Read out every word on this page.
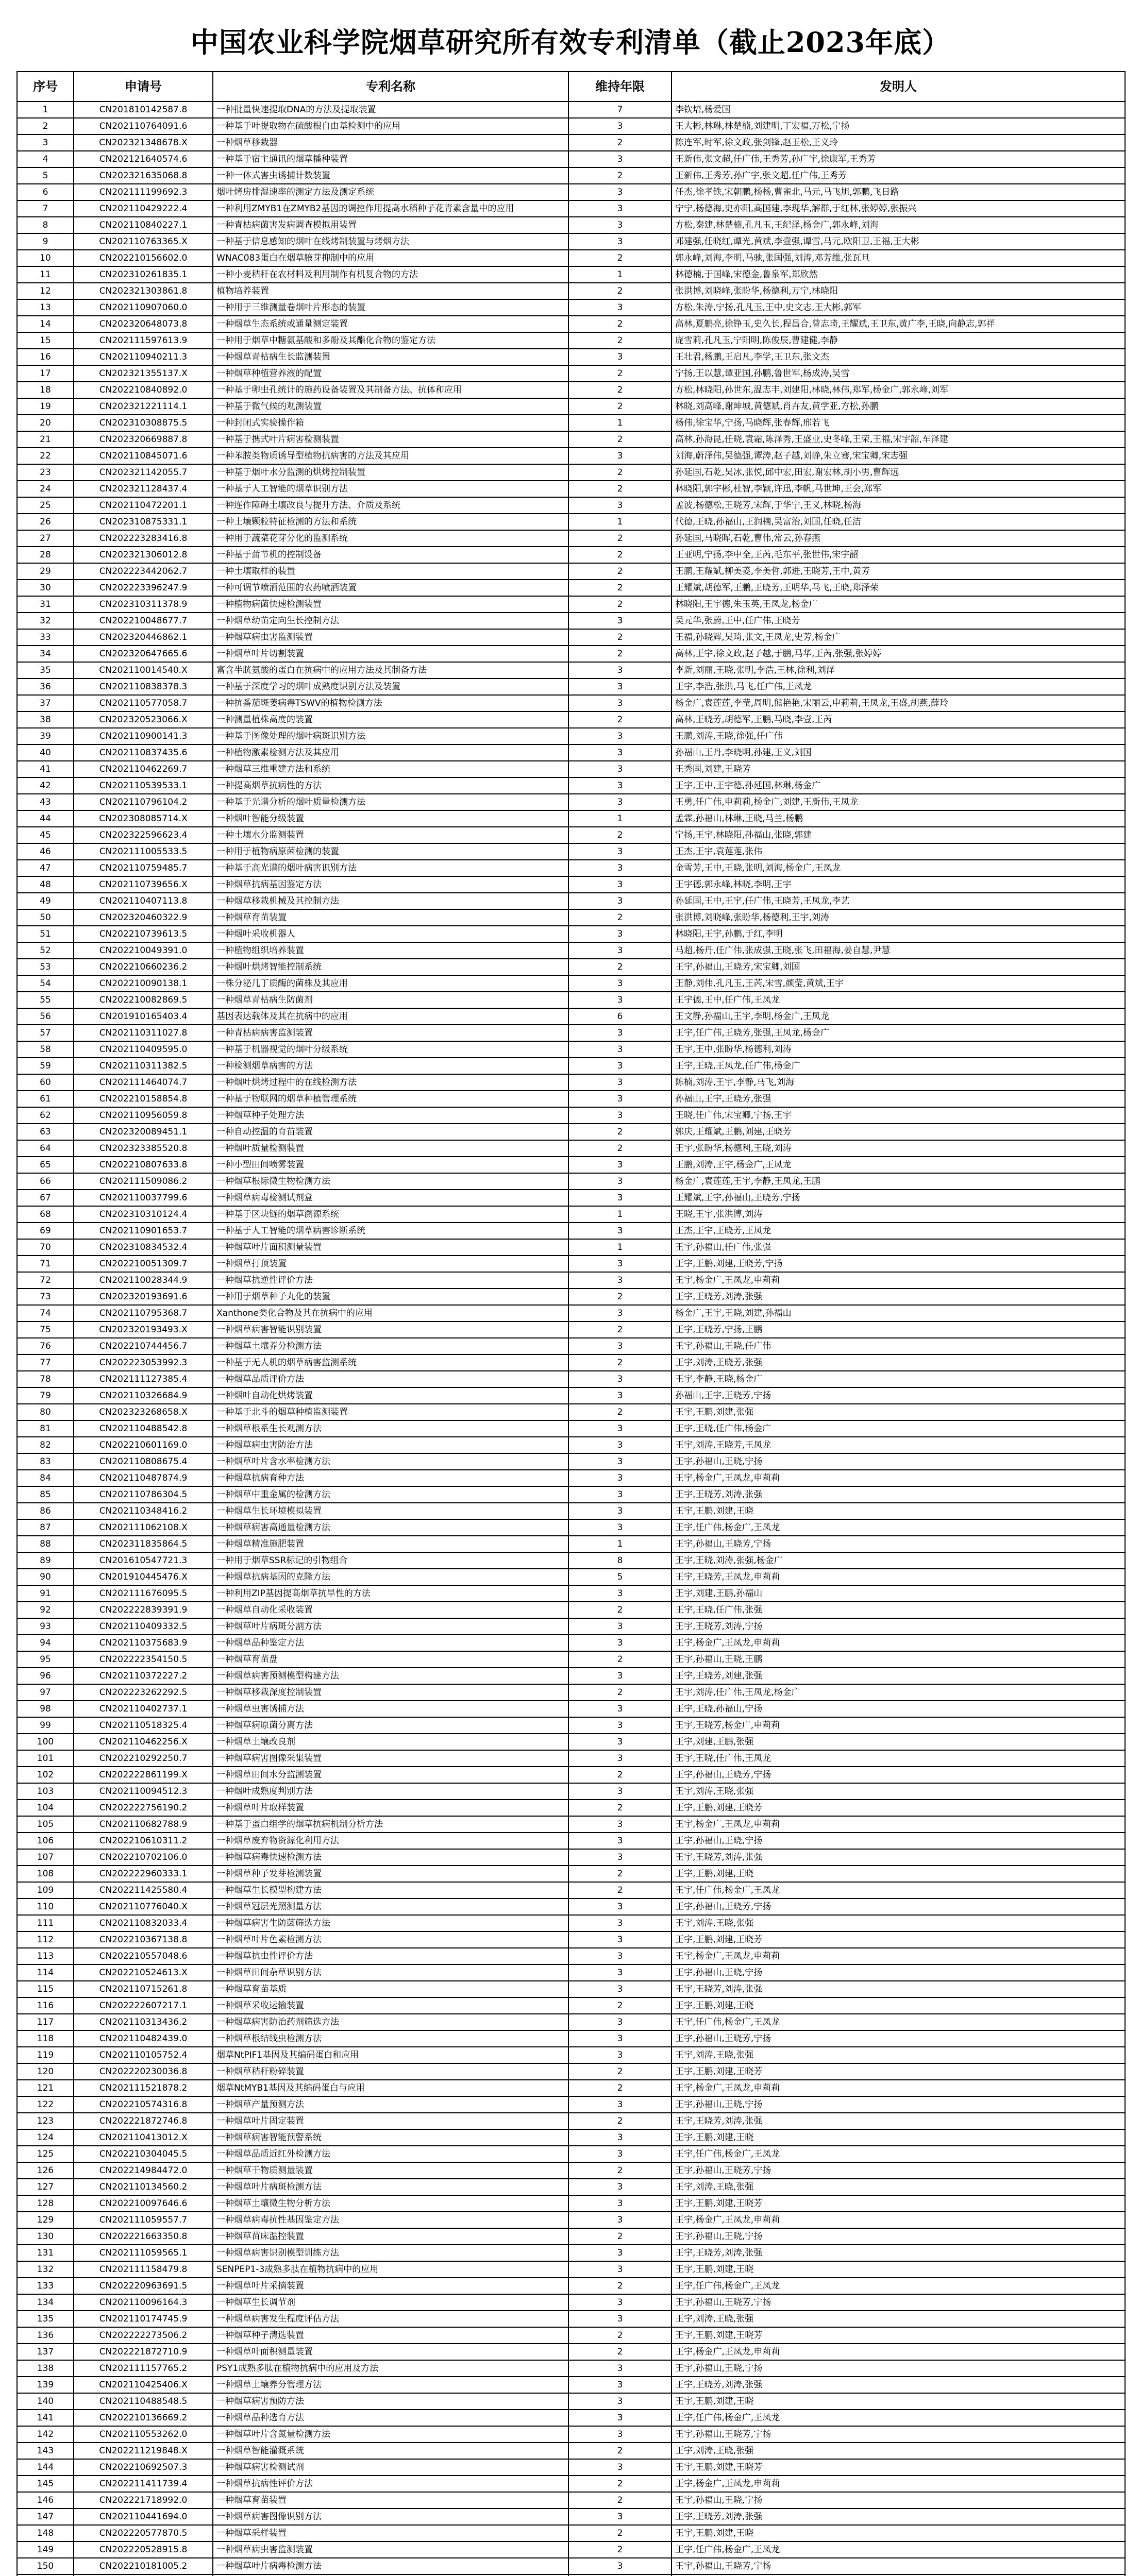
中国农业科学院烟草研究所有效专利清单（截止2023年底）
序号	申请号	专利名称	维持年限	发明人
1	CN201810142587.8	一种批量快速提取DNA的方法及提取装置	7	李钦培,杨爱国
2	CN202110764091.6	一种基于叶提取物在硫酸根自由基检测中的应用	3	王大彬,林琳,林楚楠,刘建明,丁宏福,万松,宁扬
3	CN202321348678.X	一种烟草移栽器	2	陈连军,时军,徐文政,张剑锋,赵玉松,王义玲
4	CN202121640574.6	一种基于宿主通讯的烟草播种装置	3	王新伟,张文超,任广伟,王秀芳,孙广宇,徐康军,王秀芳
5	CN202321635068.8	一种一体式害虫诱捕计数装置	2	王新伟,王秀芳,孙广宇,张文超,任广伟,王秀芳
6	CN202111199692.3	烟叶烤房排湿速率的测定方法及测定系统	3	任杰,徐孝铁,宋朝鹏,杨杨,曹雀北,马元,马飞旭,郭鹏,飞日路
7	CN202110429222.4	一种利用ZMYB1在ZMYB2基因的调控作用提高水稻种子花青素含量中的应用	3	宁宁,杨德海,史亦阳,高国建,李现华,解群,于红林,张婷婷,张振兴
8	CN202110840227.1	一种青枯病菌害发病调查模拟用装置	3	方松,秦建,林楚楠,孔凡玉,王纪泽,杨金广,郭永峰,刘海
9	CN202110763365.X	一种基于信息感知的烟叶在线烤制装置与烤烟方法	3	邓建强,任晓红,谭光,黄斌,李壹强,谭雪,马元,欧阳卫,王福,王大彬
10	CN202210156602.0	WNAC083蛋白在烟草腋芽抑制中的应用	2	郭永峰,刘海,李明,马驰,张国强,刘涛,邓芳维,张瓦旦
11	CN202310261835.1	一种小麦秸秆在农材料及利用制作有机复合物的方法	1	林德楠,于国峰,宋德金,鲁泉军,郑欣然
12	CN202321303861.8	植物培养装置	2	张洪博,刘晓峰,张盼华,杨德利,万宁,林晓阳
13	CN202110907060.0	一种用于三维测量卷烟叶片形态的装置	3	方松,朱涛,宁扬,孔凡玉,王中,史文志,王大彬,郭军
14	CN202320648073.8	一种烟草生态系统或通量测定装置	2	高林,夏鹏亮,徐铮玉,史久长,程昌合,曾志琦,王耀斌,王卫东,黄广李,王晓,向静志,郭祥
15	CN202111597613.9	一种用于烟草中糖氨基酸和多酚及其酯化合物的鉴定方法	2	庞雪莉,孔凡玉,宁阳明,陈俊辰,曹建健,李静
16	CN202110940211.3	一种烟草青枯病生长监测装置	3	王壮君,杨鹏,王启凡,李学,王卫东,张文杰
17	CN202321355137.X	一种烟草种植营养液的配置	2	宁扬,王以慧,谭亚国,孙鹏,鲁世军,杨成涛,吴雪
18	CN202210840892.0	一种基于卵虫孔统计的施药设备装置及其制备方法、抗体和应用	2	方松,林晓阳,孙世东,温志丰,刘建阳,林晓,林伟,郑军,杨金广,郭永峰,刘军
19	CN202321221114.1	一种基于微气候的观测装置	2	林晓,刘高峰,谢坤城,黄德斌,肖卉友,黄学亚,方松,孙鹏
20	CN202310308875.5	一种封闭式实验操作箱	1	杨伟,徐宝华,宁扬,马晓辉,张春辉,邢若飞
21	CN202320669887.8	一种基于携式叶片病害检测装置	2	高林,孙海昆,任晓,袁霜,陈泽秀,王盛业,史冬峰,王荣,王福,宋宇韶,车泽建
22	CN202110845071.6	一种苯胺类物质诱导型植物抗病害的方法及其应用	3	刘海,蔚泽伟,吴德强,谭涛,赵子越,刘静,朱立骞,宋宝卿,宋志强
23	CN202321142055.7	一种基于烟叶水分监测的烘烤控制装置	2	孙延国,石乾,吴冰,张悦,邱中宏,田宏,谢宏林,胡小男,曹辉远
24	CN202321128437.4	一种基于人工智能的烟草识别方法	2	林晓阳,郭宇彬,杜智,李颖,许迅,李帆,马世坤,王会,郑军
25	CN202110472201.1	一种连作障碍土壤改良与提升方法、介质及系统	3	孟波,杨德松,王晓芳,宋辉,于华宁,王义,林晓,杨海
26	CN202310875331.1	一种土壤颗粒特征检测的方法和系统	1	代德,王晓,孙福山,王润楠,吴富治,刘国,任晓,任洁
27	CN202223283416.8	一种用于蔬菜花芽分化的监测系统	2	孙延国,马晓晖,石乾,曹伟,常云,孙春燕
28	CN202321306012.8	一种基于蒲节机的控制设备	2	王亚明,宁扬,李中全,王芮,毛东平,张世伟,宋宇韶
29	CN202223442062.7	一种土壤取样的装置	2	王鹏,王耀斌,柳美菱,李美哲,郭进,王晓芳,王中,黄芳
30	CN202223396247.9	一种可调节喷洒范围的农药喷洒装置	2	王耀斌,胡德军,王鹏,王晓芳,王明华,马飞,王晓,郑泽荣
31	CN202310311378.9	一种植物病菌快速检测装置	2	林晓阳,王宇德,朱玉英,王凤龙,杨金广
32	CN202210048677.7	一种烟草幼苗定向生长控制方法	3	吴元华,张蔚,王中,任广伟,王晓芳
33	CN202320446862.1	一种烟草病虫害监测装置	2	王福,孙晓辉,吴琦,张文,王凤龙,史芳,杨金广
34	CN202320647665.6	一种烟草叶片切割装置	2	高林,王宇,徐文政,赵子越,于鹏,马华,王芮,张强,张婷婷
35	CN202110014540.X	富含半胱氨酸的蛋白在抗病中的应用方法及其制备方法	3	李新,刘丽,王晓,张明,李浩,王林,徐利,刘泽
36	CN202110838378.3	一种基于深度学习的烟叶成熟度识别方法及装置	3	王宇,李浩,张洪,马飞,任广伟,王凤龙
37	CN202110577058.7	一种抗番茄斑萎病毒TSWV的植物检测方法	3	杨金广,袁莲莲,李莹,周明,熊艳艳,宋丽云,申莉莉,王凤龙,王盛,胡燕,薛玲
38	CN202320523066.X	一种测量植株高度的装置	2	高林,王晓芳,胡德军,王鹏,马晓,李壹,王芮
39	CN202110900141.3	一种基于图像处理的烟叶病斑识别方法	3	王鹏,刘涛,王晓,徐强,任广伟
40	CN202110837435.6	一种植物激素检测方法及其应用	3	孙福山,王丹,李晓明,孙建,王义,刘国
41	CN202110462269.7	一种烟草三维重建方法和系统	3	王秀国,刘建,王晓芳
42	CN202110539533.1	一种提高烟草抗病性的方法	3	王宇,王中,王宇德,孙延国,林琳,杨金广
43	CN202110796104.2	一种基于光谱分析的烟叶质量检测方法	3	王勇,任广伟,申莉莉,杨金广,刘建,王新伟,王凤龙
44	CN202308085714.X	一种烟叶智能分级装置	1	孟霖,孙福山,林琳,王晓,马兰,杨鹏
45	CN202322596623.4	一种土壤水分监测装置	2	宁扬,王宇,林晓阳,孙福山,张晓,郭建
46	CN202111005533.5	一种用于植物病原菌检测的装置	3	王杰,王宇,袁莲莲,张伟
47	CN202110759485.7	一种基于高光谱的烟叶病害识别方法	3	金雪芳,王中,王晓,张明,刘海,杨金广,王凤龙
48	CN202110739656.X	一种烟草抗病基因鉴定方法	3	王宇德,郭永峰,林晓,李明,王宇
49	CN202110407113.8	一种烟草移栽机械及其控制方法	3	孙延国,王中,王宇,任广伟,王晓芳,王凤龙,李艺
50	CN202320460322.9	一种烟草育苗装置	2	张洪博,刘晓峰,张盼华,杨德利,王宇,刘涛
51	CN202210739613.5	一种烟叶采收机器人	3	林晓阳,王宇,孙鹏,于红,李明
52	CN202210049391.0	一种植物组织培养装置	3	马超,杨丹,任广伟,张成强,王晓,张飞,田福海,姜自慧,尹慧
53	CN202210660236.2	一种烟叶烘烤智能控制系统	2	王宇,孙福山,王晓芳,宋宝卿,刘国
54	CN202210090138.1	一株分泌几丁质酶的菌株及其应用	3	王静,刘伟,孔凡玉,王芮,宋雪,颜莹,黄斌,王宇
55	CN202210082869.5	一种烟草青枯病生防菌剂	3	王宇德,王中,任广伟,王凤龙
56	CN201910165403.4	基因表达载体及其在抗病中的应用	6	王文静,孙福山,王宇,李明,杨金广,王凤龙
57	CN202110311027.8	一种青枯病病害监测装置	3	王宇,任广伟,王晓芳,张强,王凤龙,杨金广
58	CN202110409595.0	一种基于机器视觉的烟叶分级系统	3	王宇,王中,张盼华,杨德利,刘涛
59	CN202110311382.5	一种检测烟草病害的方法	3	王宇,王晓,王凤龙,任广伟,杨金广
60	CN202111464074.7	一种烟叶烘烤过程中的在线检测方法	3	陈楠,刘涛,王宇,李静,马飞,刘海
61	CN202210158854.8	一种基于物联网的烟草种植管理系统	3	孙福山,王宇,王晓芳,张强
62	CN202110956059.8	一种烟草种子处理方法	3	王晓,任广伟,宋宝卿,宁扬,王宇
63	CN202320089451.1	一种自动控温的育苗装置	2	郭庆,王耀斌,王鹏,刘建,王晓芳
64	CN202323385520.8	一种烟叶质量检测装置	2	王宇,张盼华,杨德利,王晓,刘涛
65	CN202210807633.8	一种小型田间喷雾装置	3	王鹏,刘涛,王宇,杨金广,王凤龙
66	CN202111509086.2	一种烟草根际微生物检测方法	3	杨金广,袁莲莲,王宇,李静,王凤龙,王鹏
67	CN202110037799.6	一种烟草病毒检测试剂盒	3	王耀斌,王宇,孙福山,王晓芳,宁扬
68	CN202310310124.4	一种基于区块链的烟草溯源系统	1	王晓,王宇,张洪博,刘涛
69	CN202110901653.7	一种基于人工智能的烟草病害诊断系统	3	王杰,王宇,王晓芳,王凤龙
70	CN202310834532.4	一种烟草叶片面积测量装置	1	王宇,孙福山,任广伟,张强
71	CN202210051309.7	一种烟草打顶装置	3	王宇,王鹏,刘建,王晓芳,宁扬
72	CN202110028344.9	一种烟草抗逆性评价方法	3	王宇,杨金广,王凤龙,申莉莉
73	CN202320193691.6	一种用于烟草种子丸化的装置	2	王宇,王晓芳,刘涛,张强
74	CN202110795368.7	Xanthone类化合物及其在抗病中的应用	3	杨金广,王宇,王晓,刘建,孙福山
75	CN202320193493.X	一种烟草病害智能识别装置	2	王宇,王晓芳,宁扬,王鹏
76	CN202210744456.7	一种烟草土壤养分检测方法	3	王宇,孙福山,王晓,任广伟
77	CN202223053992.3	一种基于无人机的烟草病害监测系统	2	王宇,刘涛,王晓芳,张强
78	CN202111127385.4	一种烟草品质评价方法	3	王宇,李静,王晓,杨金广
79	CN202110326684.9	一种烟叶自动化烘烤装置	3	孙福山,王宇,王晓芳,宁扬
80	CN202323268658.X	一种基于北斗的烟草种植监测装置	2	王宇,王鹏,刘建,张强
81	CN202110488542.8	一种烟草根系生长观测方法	3	王宇,王晓,任广伟,杨金广
82	CN202210601169.0	一种烟草病虫害防治方法	3	王宇,刘涛,王晓芳,王凤龙
83	CN202110808675.4	一种烟草叶片含水率检测方法	3	王宇,孙福山,王晓,宁扬
84	CN202110487874.9	一种烟草抗病育种方法	3	王宇,杨金广,王凤龙,申莉莉
85	CN202110786304.5	一种烟草中重金属的检测方法	3	王宇,王晓芳,刘涛,张强
86	CN202110348416.2	一种烟草生长环境模拟装置	3	王宇,王鹏,刘建,王晓
87	CN202111062108.X	一种烟草病害高通量检测方法	3	王宇,任广伟,杨金广,王凤龙
88	CN202311835864.5	一种烟草精准施肥装置	1	王宇,孙福山,王晓芳,宁扬
89	CN201610547721.3	一种用于烟草SSR标记的引物组合	8	王宇,王晓,刘涛,张强,杨金广
90	CN201910445476.X	一种烟草抗病基因的克隆方法	5	王宇,王晓芳,王凤龙,申莉莉
91	CN202111676095.5	一种利用ZIP基因提高烟草抗旱性的方法	3	王宇,刘建,王鹏,孙福山
92	CN202222839391.9	一种烟草自动化采收装置	2	王宇,王晓,任广伟,张强
93	CN202110409332.5	一种烟草叶片病斑分割方法	3	王宇,王晓芳,刘涛,宁扬
94	CN202110375683.9	一种烟草品种鉴定方法	3	王宇,杨金广,王凤龙,申莉莉
95	CN202222354150.5	一种烟草育苗盘	2	王宇,孙福山,王晓,王鹏
96	CN202110372227.2	一种烟草病害预测模型构建方法	3	王宇,王晓芳,刘建,张强
97	CN202223262292.5	一种烟草移栽深度控制装置	2	王宇,刘涛,任广伟,王凤龙,杨金广
98	CN202110402737.1	一种烟草虫害诱捕方法	3	王宇,王晓,孙福山,宁扬
99	CN202110518325.4	一种烟草病原菌分离方法	3	王宇,王晓芳,杨金广,申莉莉
100	CN202110462256.X	一种烟草土壤改良剂	3	王宇,刘建,王鹏,张强
101	CN202210292250.7	一种烟草病害图像采集装置	3	王宇,王晓,任广伟,王凤龙
102	CN202222861199.X	一种烟草田间水分监测装置	2	王宇,孙福山,王晓芳,宁扬
103	CN202110094512.3	一种烟叶成熟度判别方法	3	王宇,刘涛,王晓,张强
104	CN202222756190.2	一种烟草叶片取样装置	2	王宇,王鹏,刘建,王晓芳
105	CN202110682788.9	一种基于蛋白组学的烟草抗病机制分析方法	3	王宇,杨金广,王凤龙,申莉莉
106	CN202210610311.2	一种烟草废弃物资源化利用方法	3	王宇,孙福山,王晓,宁扬
107	CN202210702106.0	一种烟草病毒快速检测方法	3	王宇,王晓芳,刘涛,张强
108	CN202222960333.1	一种烟草种子发芽检测装置	2	王宇,王鹏,刘建,王晓
109	CN202211425580.4	一种烟草生长模型构建方法	2	王宇,任广伟,杨金广,王凤龙
110	CN202110776040.X	一种烟草冠层光照测量方法	3	王宇,孙福山,王晓芳,宁扬
111	CN202110832033.4	一种烟草病害生防菌筛选方法	3	王宇,刘涛,王晓,张强
112	CN202210367138.8	一种烟草叶片色素检测方法	3	王宇,王鹏,刘建,王晓芳
113	CN202210557048.6	一种烟草抗虫性评价方法	3	王宇,杨金广,王凤龙,申莉莉
114	CN202210524613.X	一种烟草田间杂草识别方法	3	王宇,孙福山,王晓,宁扬
115	CN202110715261.8	一种烟草育苗基质	3	王宇,王晓芳,刘涛,张强
116	CN202222607217.1	一种烟草采收运输装置	2	王宇,王鹏,刘建,王晓
117	CN202110313436.2	一种烟草病害防治药剂筛选方法	3	王宇,任广伟,杨金广,王凤龙
118	CN202110482439.0	一种烟草根结线虫检测方法	3	王宇,孙福山,王晓芳,宁扬
119	CN202110105752.4	烟草NtPIF1基因及其编码蛋白和应用	3	王宇,刘涛,王晓,张强
120	CN202220230036.8	一种烟草秸秆粉碎装置	2	王宇,王鹏,刘建,王晓芳
121	CN202111521878.2	烟草NtMYB1基因及其编码蛋白与应用	2	王宇,杨金广,王凤龙,申莉莉
122	CN202210574316.8	一种烟草产量预测方法	3	王宇,孙福山,王晓,宁扬
123	CN202221872746.8	一种烟草叶片固定装置	2	王宇,王晓芳,刘涛,张强
124	CN202110413012.X	一种烟草病害智能预警系统	3	王宇,王鹏,刘建,王晓
125	CN202210304045.5	一种烟草品质近红外检测方法	3	王宇,任广伟,杨金广,王凤龙
126	CN202214984472.0	一种烟草干物质测量装置	2	王宇,孙福山,王晓芳,宁扬
127	CN202110134560.2	一种烟草叶片病斑检测方法	3	王宇,刘涛,王晓,张强
128	CN202210097646.6	一种烟草土壤微生物分析方法	3	王宇,王鹏,刘建,王晓芳
129	CN202111059557.7	一种烟草病毒抗性基因鉴定方法	3	王宇,杨金广,王凤龙,申莉莉
130	CN202221663350.8	一种烟草苗床温控装置	2	王宇,孙福山,王晓,宁扬
131	CN202111059565.1	一种烟草病害识别模型训练方法	3	王宇,王晓芳,刘涛,张强
132	CN202111158479.8	SENPEP1-3成熟多肽在植物抗病中的应用	3	王宇,王鹏,刘建,王晓
133	CN202220963691.5	一种烟草叶片采摘装置	2	王宇,任广伟,杨金广,王凤龙
134	CN202110096164.3	一种烟草生长调节剂	3	王宇,孙福山,王晓芳,宁扬
135	CN202110174745.9	一种烟草病害发生程度评估方法	3	王宇,刘涛,王晓,张强
136	CN202222273506.2	一种烟草种子清选装置	2	王宇,王鹏,刘建,王晓芳
137	CN202221872710.9	一种烟草叶面积测量装置	2	王宇,杨金广,王凤龙,申莉莉
138	CN202111157765.2	PSY1成熟多肽在植物抗病中的应用及方法	3	王宇,孙福山,王晓,宁扬
139	CN202110425406.X	一种烟草土壤养分管理方法	3	王宇,王晓芳,刘涛,张强
140	CN202110488548.5	一种烟草病害预防方法	3	王宇,王鹏,刘建,王晓
141	CN202210136669.2	一种烟草品种选育方法	3	王宇,任广伟,杨金广,王凤龙
142	CN202110553262.0	一种烟草叶片含氮量检测方法	3	王宇,孙福山,王晓芳,宁扬
143	CN202211219848.X	一种烟草智能灌溉系统	2	王宇,刘涛,王晓,张强
144	CN202210692507.3	一种烟草病害检测试剂	3	王宇,王鹏,刘建,王晓芳
145	CN202211411739.4	一种烟草抗病性评价方法	2	王宇,杨金广,王凤龙,申莉莉
146	CN202221718992.0	一种烟草育苗装置	2	王宇,孙福山,王晓,宁扬
147	CN202110441694.0	一种烟草病害图像识别方法	3	王宇,王晓芳,刘涛,张强
148	CN202220577870.5	一种烟草采样装置	2	王宇,王鹏,刘建,王晓
149	CN202220528915.8	一种烟草病虫害监测装置	2	王宇,任广伟,杨金广,王凤龙
150	CN202210181005.2	一种烟草叶片病毒检测方法	3	王宇,孙福山,王晓芳,宁扬
